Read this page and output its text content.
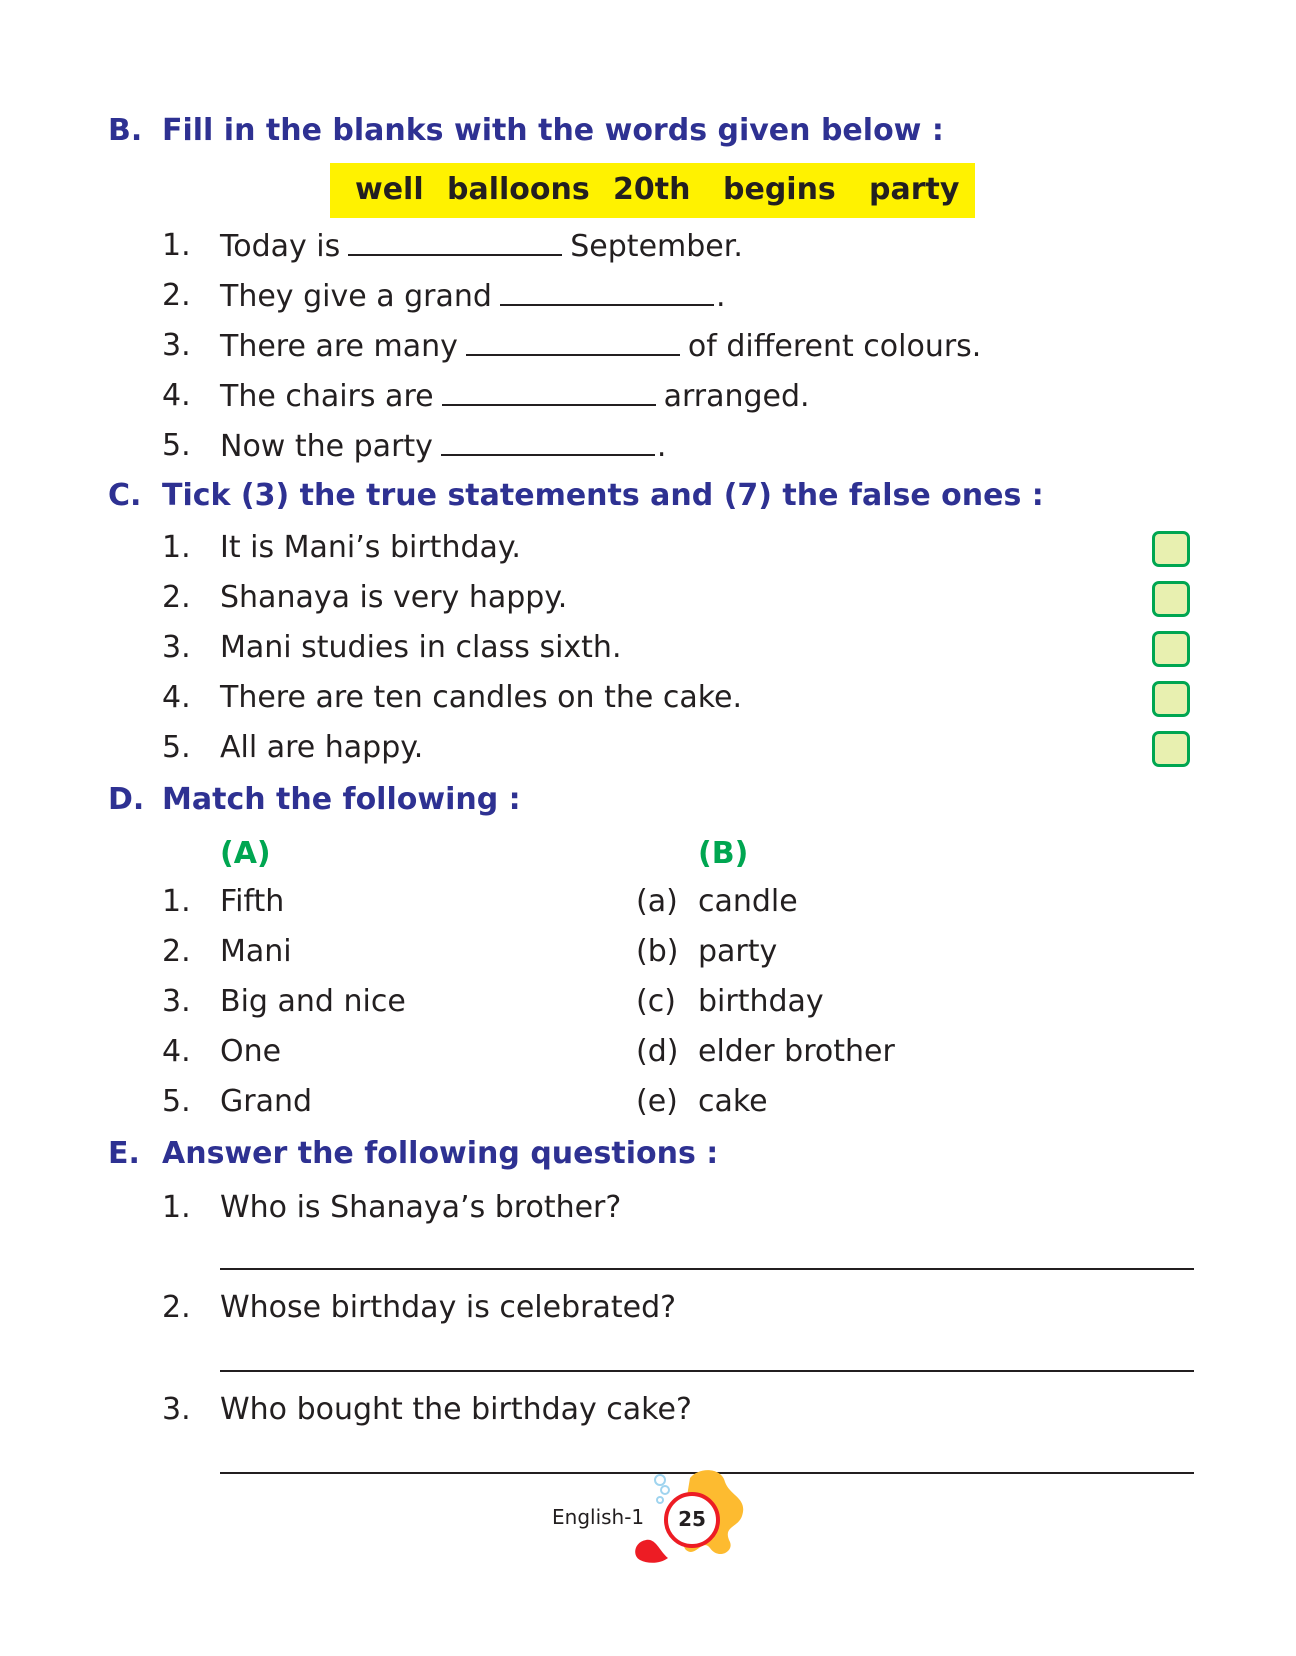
B. Fill in the blanks with the words given below :
well balloons 20th begins party
1. Today is	September.
2. They give a grand	.
3. There are many	of different colours.
4. The chairs are	arranged.
5. Now the party	.
C. Tick (3) the true statements and (7) the false ones :
1. It is Mani’s birthday.
2. Shanaya is very happy.
3. Mani studies in class sixth.
4. There are ten candles on the cake.
5. All are happy.
D. Match the following :
(A)	(B)
1. Fifth	(a) candle
2. Mani	(b) party
3. Big and nice	(c) birthday
4. One	(d) elder brother
5. Grand	(e) cake
E. Answer the following questions :
1. Who is Shanaya’s brother?
2. Whose birthday is celebrated?
3. Who bought the birthday cake?
English-1	25
